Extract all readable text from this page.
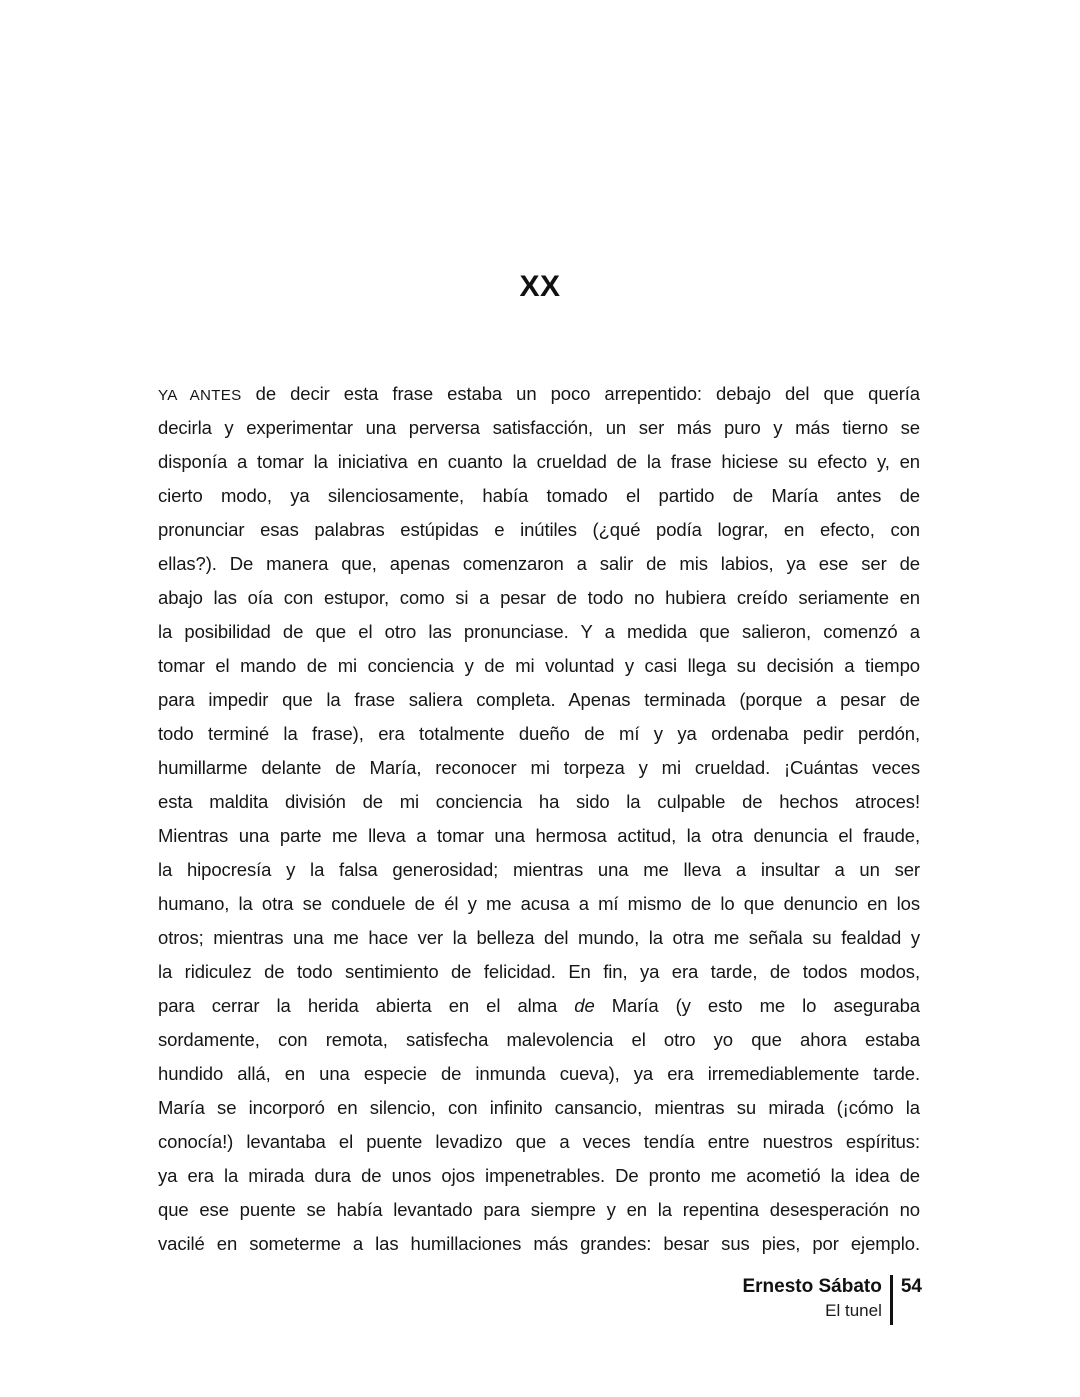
XX
YA ANTES de decir esta frase estaba un poco arrepentido: debajo del que quería
decirla y experimentar una perversa satisfacción, un ser más puro y más tierno se
disponía a tomar la iniciativa en cuanto la crueldad de la frase hiciese su efecto y, en
cierto modo, ya silenciosamente, había tomado el partido de María antes de
pronunciar esas palabras estúpidas e inútiles (¿qué podía lograr, en efecto, con
ellas?). De manera que, apenas comenzaron a salir de mis labios, ya ese ser de
abajo las oía con estupor, como si a pesar de todo no hubiera creído seriamente en
la posibilidad de que el otro las pronunciase. Y a medida que salieron, comenzó a
tomar el mando de mi conciencia y de mi voluntad y casi llega su decisión a tiempo
para impedir que la frase saliera completa. Apenas terminada (porque a pesar de
todo terminé la frase), era totalmente dueño de mí y ya ordenaba pedir perdón,
humillarme delante de María, reconocer mi torpeza y mi crueldad. ¡Cuántas veces
esta maldita división de mi conciencia ha sido la culpable de hechos atroces!
Mientras una parte me lleva a tomar una hermosa actitud, la otra denuncia el fraude,
la hipocresía y la falsa generosidad; mientras una me lleva a insultar a un ser
humano, la otra se conduele de él y me acusa a mí mismo de lo que denuncio en los
otros; mientras una me hace ver la belleza del mundo, la otra me señala su fealdad y
la ridiculez de todo sentimiento de felicidad. En fin, ya era tarde, de todos modos,
para cerrar la herida abierta en el alma de María (y esto me lo aseguraba
sordamente, con remota, satisfecha malevolencia el otro yo que ahora estaba
hundido allá, en una especie de inmunda cueva), ya era irremediablemente tarde.
María se incorporó en silencio, con infinito cansancio, mientras su mirada (¡cómo la
conocía!) levantaba el puente levadizo que a veces tendía entre nuestros espíritus:
ya era la mirada dura de unos ojos impenetrables. De pronto me acometió la idea de
que ese puente se había levantado para siempre y en la repentina desesperación no
vacilé en someterme a las humillaciones más grandes: besar sus pies, por ejemplo.
Ernesto Sábato
El tunel
54
